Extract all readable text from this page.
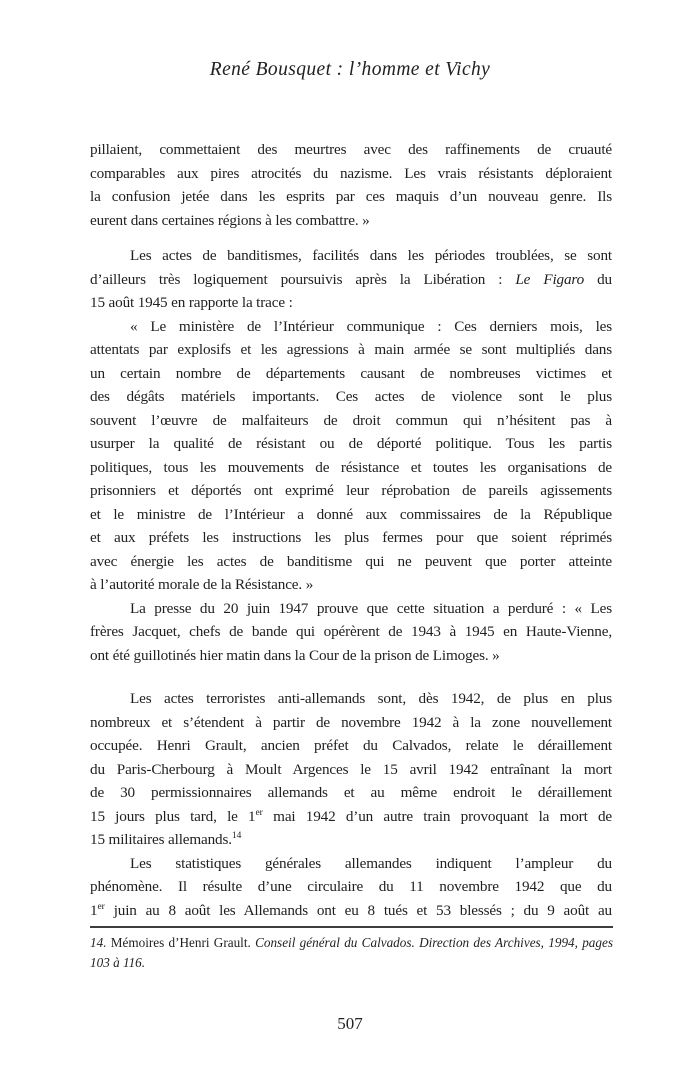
René Bousquet : l’homme et Vichy
pillaient, commettaient des meurtres avec des raffinements de cruauté
comparables aux pires atrocités du nazisme. Les vrais résistants déploraient
la confusion jetée dans les esprits par ces maquis d’un nouveau genre. Ils
eurent dans certaines régions à les combattre. »
Les actes de banditismes, facilités dans les périodes troublées, se sont
d’ailleurs très logiquement poursuivis après la Libération : Le Figaro du
15 août 1945 en rapporte la trace :
« Le ministère de l’Intérieur communique : Ces derniers mois, les
attentats par explosifs et les agressions à main armée se sont multipliés dans
un certain nombre de départements causant de nombreuses victimes et
des dégâts matériels importants. Ces actes de violence sont le plus
souvent l’œuvre de malfaiteurs de droit commun qui n’hésitent pas à
usurper la qualité de résistant ou de déporté politique. Tous les partis
politiques, tous les mouvements de résistance et toutes les organisations de
prisonniers et déportés ont exprimé leur réprobation de pareils agissements
et le ministre de l’Intérieur a donné aux commissaires de la République
et aux préfets les instructions les plus fermes pour que soient réprimés
avec énergie les actes de banditisme qui ne peuvent que porter atteinte
à l’autorité morale de la Résistance. »
La presse du 20 juin 1947 prouve que cette situation a perduré : « Les
frères Jacquet, chefs de bande qui opérèrent de 1943 à 1945 en Haute-Vienne,
ont été guillotinés hier matin dans la Cour de la prison de Limoges. »
Les actes terroristes anti-allemands sont, dès 1942, de plus en plus
nombreux et s’étendent à partir de novembre 1942 à la zone nouvellement
occupée. Henri Grault, ancien préfet du Calvados, relate le déraillement
du Paris-Cherbourg à Moult Argences le 15 avril 1942 entraînant la mort
de 30 permissionnaires allemands et au même endroit le déraillement
15 jours plus tard, le 1er mai 1942 d’un autre train provoquant la mort de
15 militaires allemands.$^{14}$
Les statistiques générales allemandes indiquent l’ampleur du
phénomène. Il résulte d’une circulaire du 11 novembre 1942 que du
1er juin au 8 août les Allemands ont eu 8 tués et 53 blessés ; du 9 août au
14. Mémoires d’Henri Grault. Conseil général du Calvados. Direction des Archives, 1994, pages 103 à 116.
507
